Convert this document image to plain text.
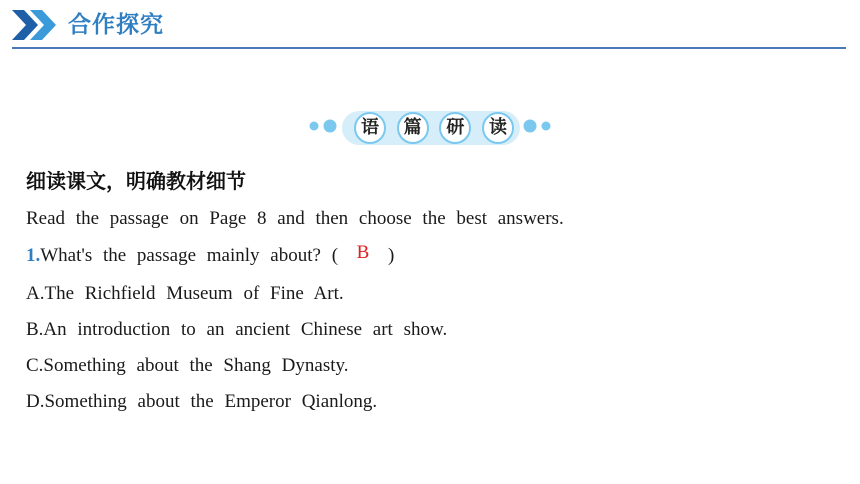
合作探究
语	篇	研	读
细读课文，明确教材细节
Read the passage on Page 8 and then choose the best answers.
1.What's the passage mainly about? ( B )
A.The Richfield Museum of Fine Art.
B.An introduction to an ancient Chinese art show.
C.Something about the Shang Dynasty.
D.Something about the Emperor Qianlong.
